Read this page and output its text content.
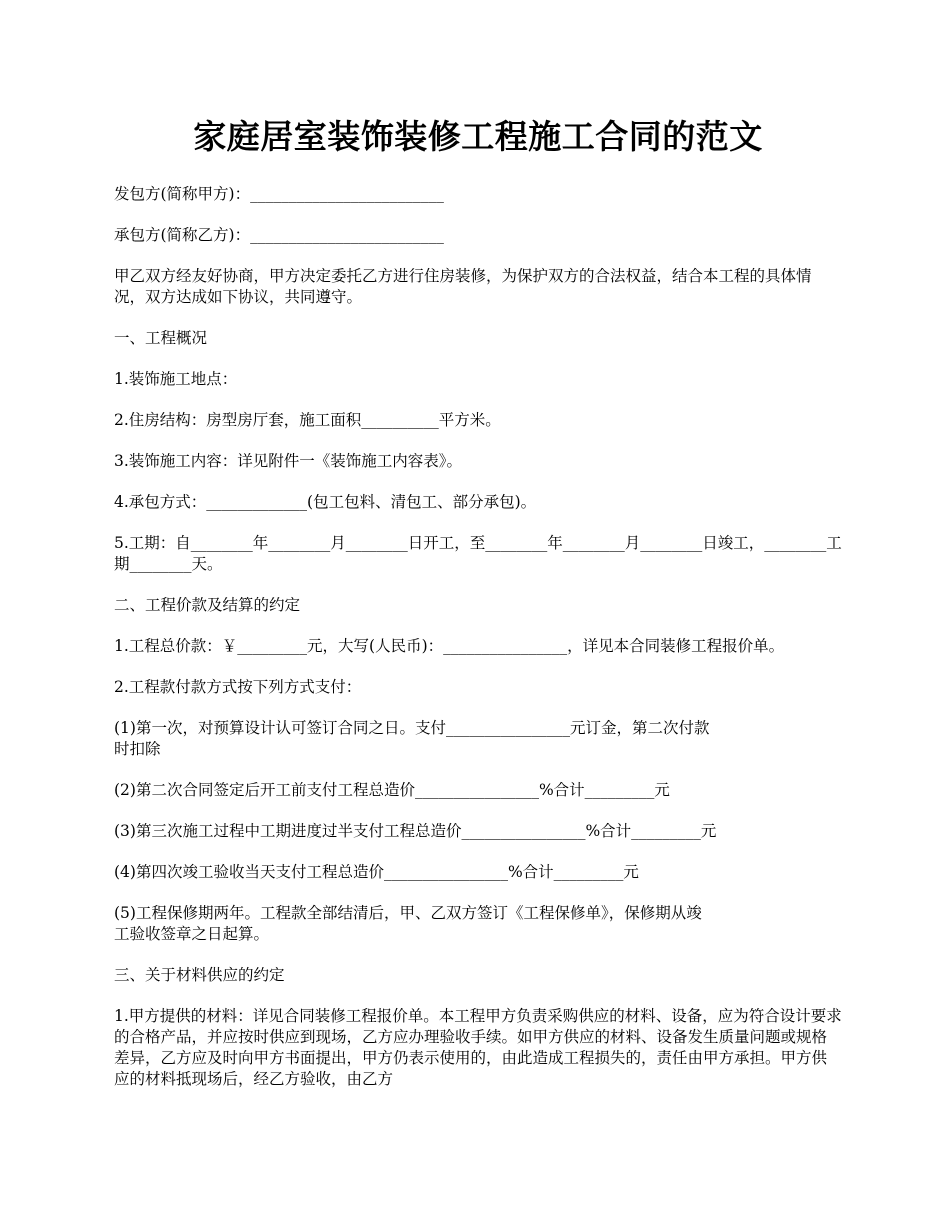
家庭居室装饰装修工程施工合同的范文

发包方(简称甲方)：_________________________

承包方(简称乙方)：_________________________

甲乙双方经友好协商，甲方决定委托乙方进行住房装修，为保护双方的合法权益，结合本工程的具体情况，双方达成如下协议，共同遵守。

一、工程概况

1.装饰施工地点：

2.住房结构：房型房厅套，施工面积__________平方米。

3.装饰施工内容：详见附件一《装饰施工内容表》。

4.承包方式：_____________(包工包料、清包工、部分承包)。

5.工期：自________年________月________日开工，至________年________月________日竣工，________工期________天。

二、工程价款及结算的约定

1.工程总价款：￥_________元，大写(人民币)：________________，详见本合同装修工程报价单。

2.工程款付款方式按下列方式支付：

(1)第一次，对预算设计认可签订合同之日。支付________________元订金，第二次付款
时扣除

(2)第二次合同签定后开工前支付工程总造价________________%合计_________元

(3)第三次施工过程中工期进度过半支付工程总造价________________%合计_________元

(4)第四次竣工验收当天支付工程总造价________________%合计_________元

(5)工程保修期两年。工程款全部结清后，甲、乙双方签订《工程保修单》，保修期从竣
工验收签章之日起算。

三、关于材料供应的约定

1.甲方提供的材料：详见合同装修工程报价单。本工程甲方负责采购供应的材料、设备，应为符合设计要求的合格产品，并应按时供应到现场，乙方应办理验收手续。如甲方供应的材料、设备发生质量问题或规格差异，乙方应及时向甲方书面提出，甲方仍表示使用的，由此造成工程损失的，责任由甲方承担。甲方供应的材料抵现场后，经乙方验收，由乙方
